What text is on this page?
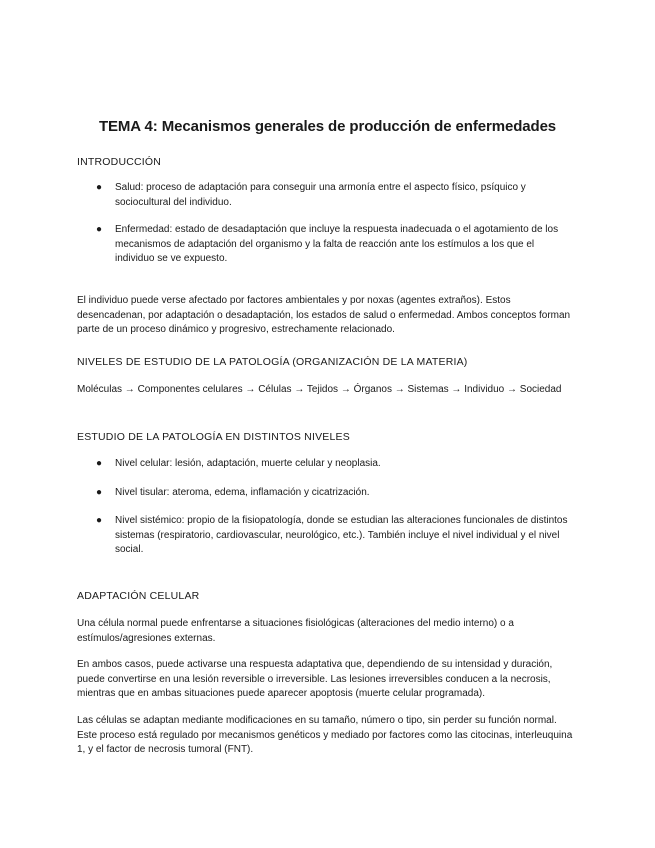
TEMA 4: Mecanismos generales de producción de enfermedades
INTRODUCCIÓN
● Salud: proceso de adaptación para conseguir una armonía entre el aspecto físico, psíquico y sociocultural del individuo.
● Enfermedad: estado de desadaptación que incluye la respuesta inadecuada o el agotamiento de los mecanismos de adaptación del organismo y la falta de reacción ante los estímulos a los que el individuo se ve expuesto.
El individuo puede verse afectado por factores ambientales y por noxas (agentes extraños). Estos desencadenan, por adaptación o desadaptación, los estados de salud o enfermedad. Ambos conceptos forman parte de un proceso dinámico y progresivo, estrechamente relacionado.
NIVELES DE ESTUDIO DE LA PATOLOGÍA (ORGANIZACIÓN DE LA MATERIA)
Moléculas → Componentes celulares → Células → Tejidos → Órganos → Sistemas → Individuo → Sociedad
ESTUDIO DE LA PATOLOGÍA EN DISTINTOS NIVELES
● Nivel celular: lesión, adaptación, muerte celular y neoplasia.
● Nivel tisular: ateroma, edema, inflamación y cicatrización.
● Nivel sistémico: propio de la fisiopatología, donde se estudian las alteraciones funcionales de distintos sistemas (respiratorio, cardiovascular, neurológico, etc.). También incluye el nivel individual y el nivel social.
ADAPTACIÓN CELULAR
Una célula normal puede enfrentarse a situaciones fisiológicas (alteraciones del medio interno) o a estímulos/agresiones externas.
En ambos casos, puede activarse una respuesta adaptativa que, dependiendo de su intensidad y duración, puede convertirse en una lesión reversible o irreversible. Las lesiones irreversibles conducen a la necrosis, mientras que en ambas situaciones puede aparecer apoptosis (muerte celular programada).
Las células se adaptan mediante modificaciones en su tamaño, número o tipo, sin perder su función normal. Este proceso está regulado por mecanismos genéticos y mediado por factores como las citocinas, interleuquina 1, y el factor de necrosis tumoral (FNT).
